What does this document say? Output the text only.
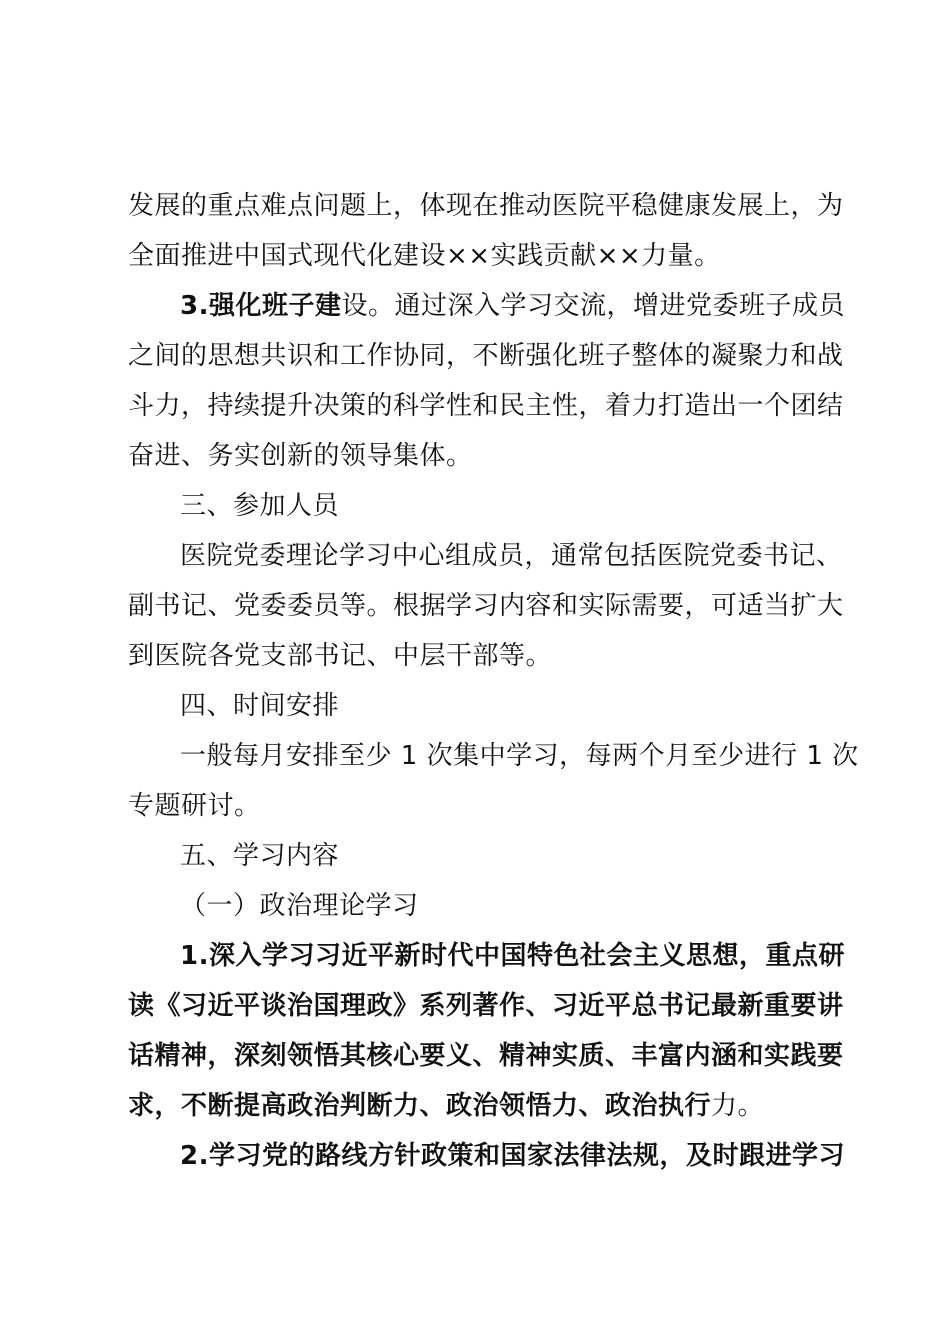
发展的重点难点问题上，体现在推动医院平稳健康发展上，为
全面推进中国式现代化建设××实践贡献××力量。
3.强化班子建设。通过深入学习交流，增进党委班子成员
之间的思想共识和工作协同，不断强化班子整体的凝聚力和战
斗力，持续提升决策的科学性和民主性，着力打造出一个团结
奋进、务实创新的领导集体。
三、参加人员
医院党委理论学习中心组成员，通常包括医院党委书记、
副书记、党委委员等。根据学习内容和实际需要，可适当扩大
到医院各党支部书记、中层干部等。
四、时间安排
一般每月安排至少 1 次集中学习，每两个月至少进行 1 次
专题研讨。
五、学习内容
（一）政治理论学习
1.深入学习习近平新时代中国特色社会主义思想，重点研
读《习近平谈治国理政》系列著作、习近平总书记最新重要讲
话精神，深刻领悟其核心要义、精神实质、丰富内涵和实践要
求，不断提高政治判断力、政治领悟力、政治执行力。
2.学习党的路线方针政策和国家法律法规，及时跟进学习
